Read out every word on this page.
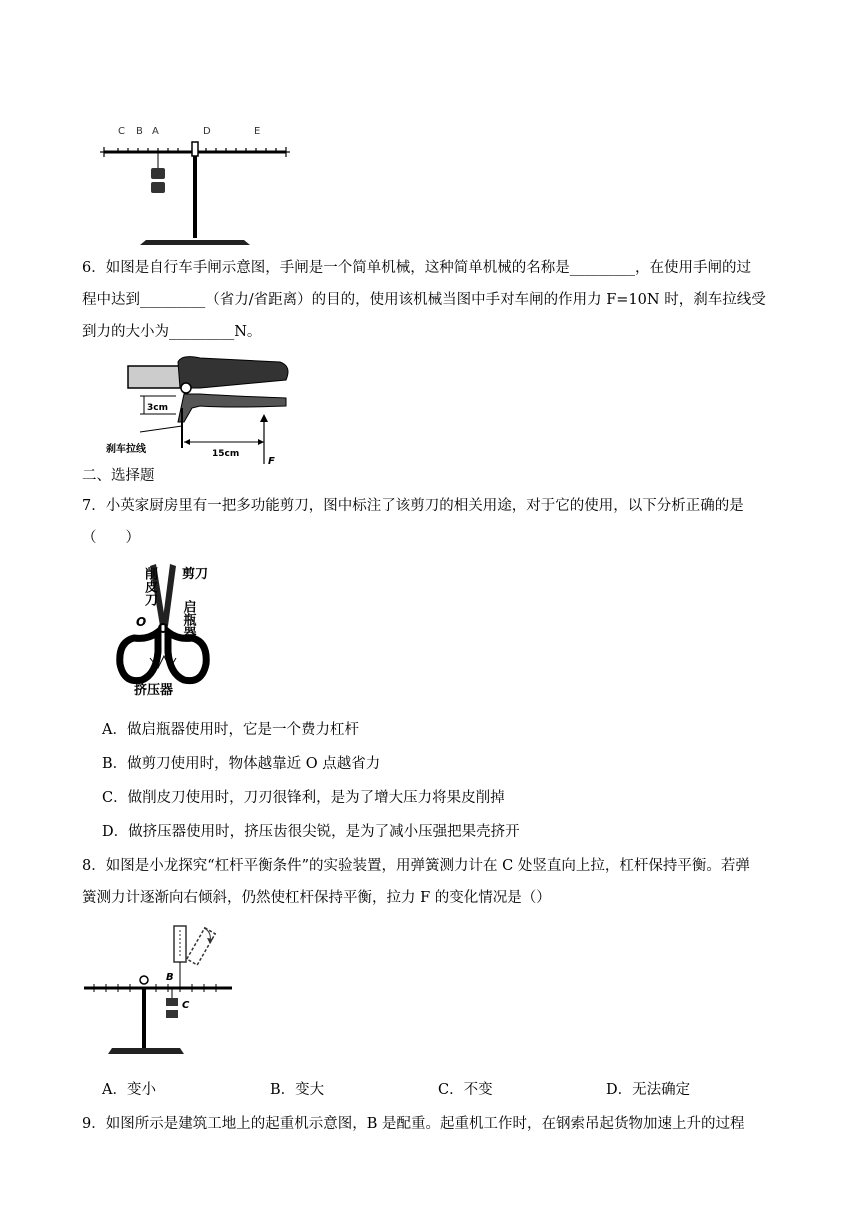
C B A	D	E
6．如图是自行车手闸示意图，手闸是一个简单机械，这种简单机械的名称是_________，在使用手闸的过
程中达到_________（省力/省距离）的目的，使用该机械当图中手对车闸的作用力 F=10N 时，刹车拉线受
到力的大小为_________N。
3cm
15cm
F
刹车拉线
二、选择题
7．小英家厨房里有一把多功能剪刀，图中标注了该剪刀的相关用途，对于它的使用，以下分析正确的是
（　　）
削皮刀 剪刀
启瓶器
O
挤压器
A．做启瓶器使用时，它是一个费力杠杆
B．做剪刀使用时，物体越靠近 O 点越省力
C．做削皮刀使用时，刀刃很锋利，是为了增大压力将果皮削掉
D．做挤压器使用时，挤压齿很尖锐，是为了减小压强把果壳挤开
8．如图是小龙探究“杠杆平衡条件”的实验装置，用弹簧测力计在 C 处竖直向上拉，杠杆保持平衡。若弹
簧测力计逐渐向右倾斜，仍然使杠杆保持平衡，拉力 F 的变化情况是（）
B
C
A．变小	B．变大	C．不变	D．无法确定
9．如图所示是建筑工地上的起重机示意图，B 是配重。起重机工作时，在钢索吊起货物加速上升的过程
